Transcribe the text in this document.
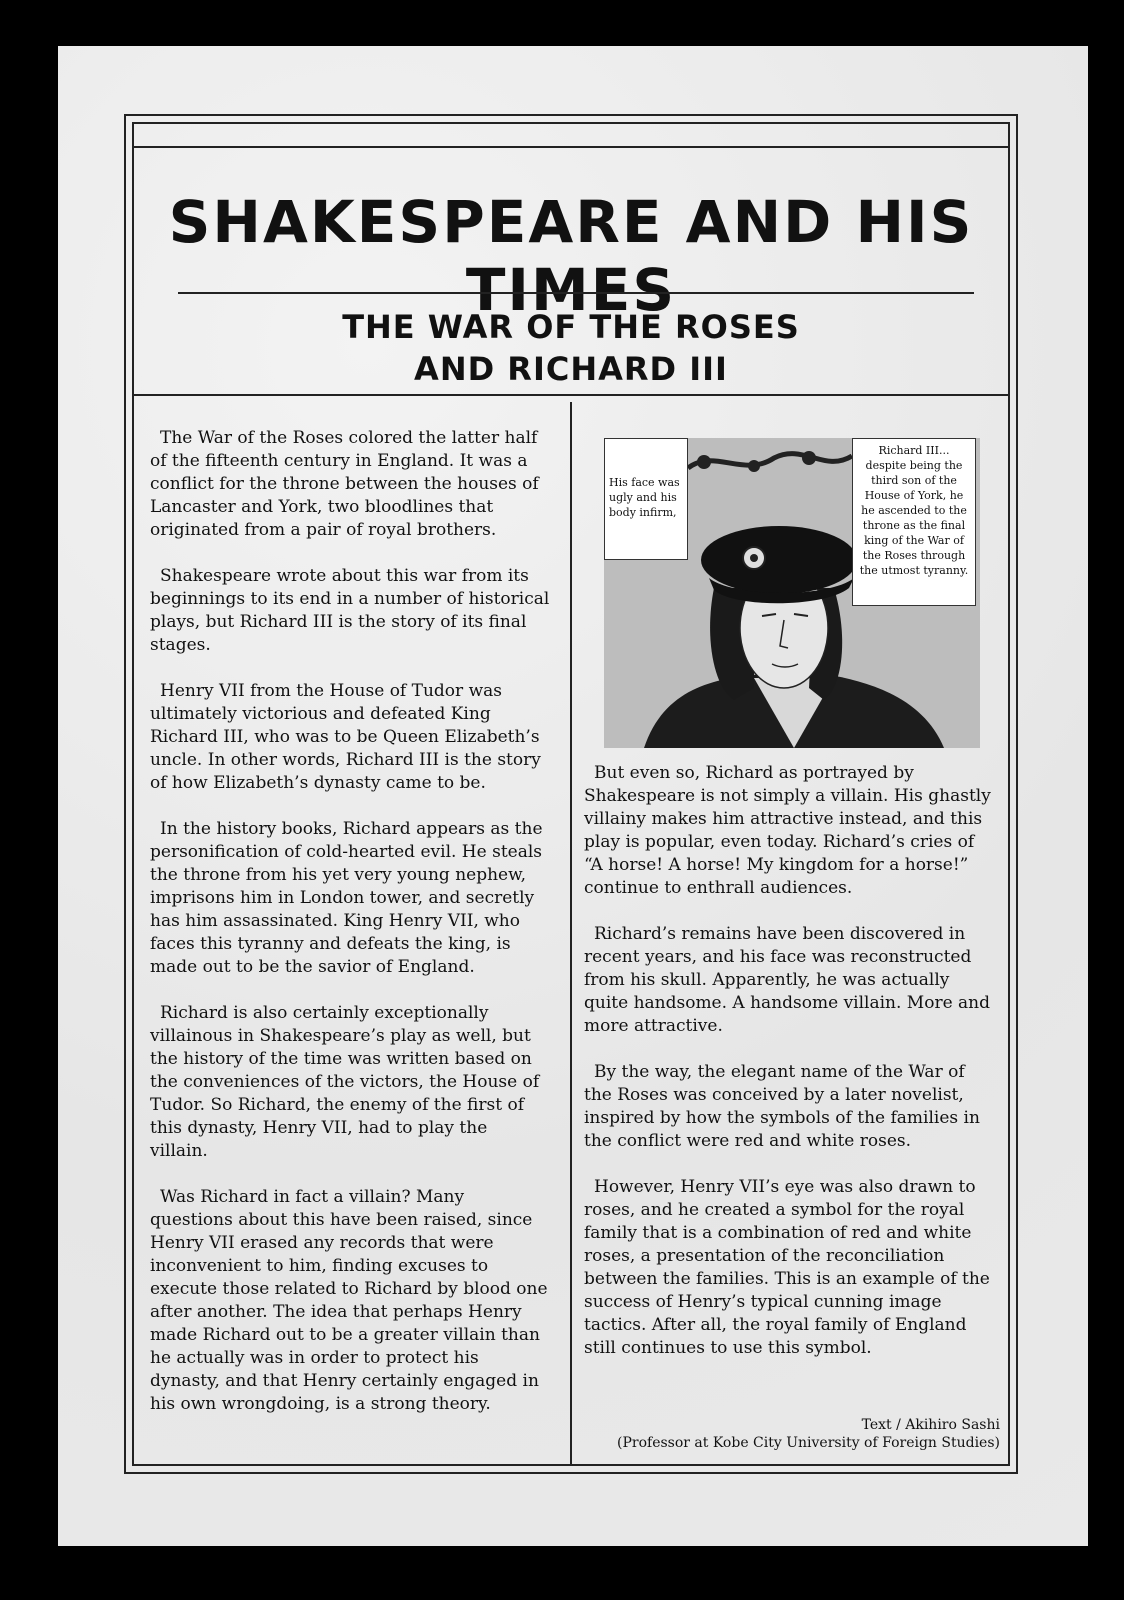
SHAKESPEARE AND HIS TIMES
THE WAR OF THE ROSES
AND RICHARD III

The War of the Roses colored the latter half of the fifteenth century in England. It was a conflict for the throne between the houses of Lancaster and York, two bloodlines that originated from a pair of royal brothers.

Shakespeare wrote about this war from its beginnings to its end in a number of historical plays, but Richard III is the story of its final stages.

Henry VII from the House of Tudor was ultimately victorious and defeated King Richard III, who was to be Queen Elizabeth’s uncle. In other words, Richard III is the story of how Elizabeth’s dynasty came to be.

In the history books, Richard appears as the personification of cold-hearted evil. He steals the throne from his yet very young nephew, imprisons him in London tower, and secretly has him assassinated. King Henry VII, who faces this tyranny and defeats the king, is made out to be the savior of England.

Richard is also certainly exceptionally villainous in Shakespeare’s play as well, but the history of the time was written based on the conveniences of the victors, the House of Tudor. So Richard, the enemy of the first of this dynasty, Henry VII, had to play the villain.

Was Richard in fact a villain? Many questions about this have been raised, since Henry VII erased any records that were inconvenient to him, finding excuses to execute those related to Richard by blood one after another. The idea that perhaps Henry made Richard out to be a greater villain than he actually was in order to protect his dynasty, and that Henry certainly engaged in his own wrongdoing, is a strong theory.

His face was ugly and his body infirm,
Richard III... despite being the third son of the House of York, he he ascended to the throne as the final king of the War of the Roses through the utmost tyranny.

But even so, Richard as portrayed by Shakespeare is not simply a villain. His ghastly villainy makes him attractive instead, and this play is popular, even today. Richard’s cries of “A horse! A horse! My kingdom for a horse!” continue to enthrall audiences.

Richard’s remains have been discovered in recent years, and his face was reconstructed from his skull. Apparently, he was actually quite handsome. A handsome villain. More and more attractive.

By the way, the elegant name of the War of the Roses was conceived by a later novelist, inspired by how the symbols of the families in the conflict were red and white roses.

However, Henry VII’s eye was also drawn to roses, and he created a symbol for the royal family that is a combination of red and white roses, a presentation of the reconciliation between the families. This is an example of the success of Henry’s typical cunning image tactics. After all, the royal family of England still continues to use this symbol.

Text / Akihiro Sashi
(Professor at Kobe City University of Foreign Studies)
